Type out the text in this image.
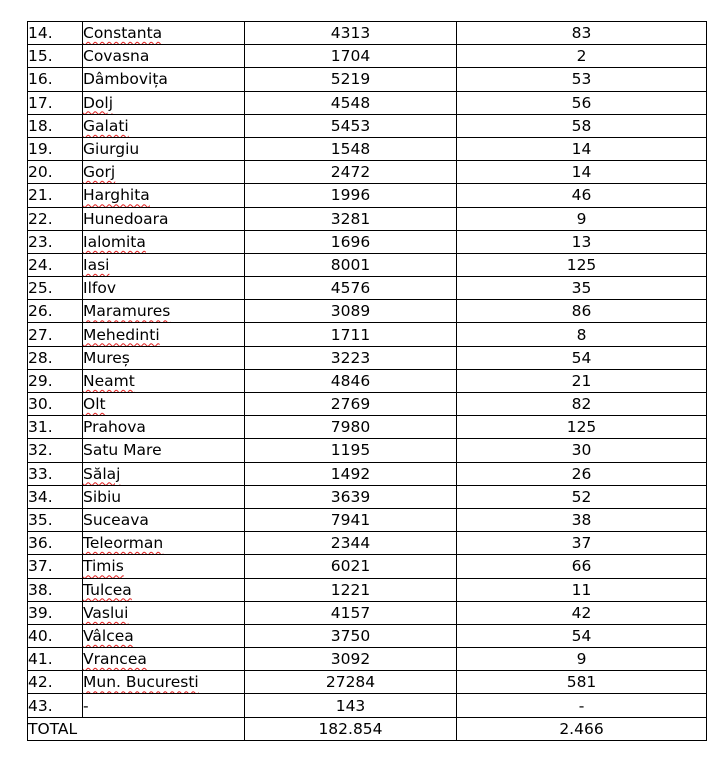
14.	Constanta	4313	83
15.	Covasna	1704	2
16.	Dâmbovița	5219	53
17.	Dolj	4548	56
18.	Galati	5453	58
19.	Giurgiu	1548	14
20.	Gorj	2472	14
21.	Harghita	1996	46
22.	Hunedoara	3281	9
23.	Ialomita	1696	13
24.	Iasi	8001	125
25.	Ilfov	4576	35
26.	Maramures	3089	86
27.	Mehedinti	1711	8
28.	Mureș	3223	54
29.	Neamt	4846	21
30.	Olt	2769	82
31.	Prahova	7980	125
32.	Satu Mare	1195	30
33.	Sălaj	1492	26
34.	Sibiu	3639	52
35.	Suceava	7941	38
36.	Teleorman	2344	37
37.	Timis	6021	66
38.	Tulcea	1221	11
39.	Vaslui	4157	42
40.	Vâlcea	3750	54
41.	Vrancea	3092	9
42.	Mun. Bucuresti	27284	581
43.	-	143	-
TOTAL		182.854	2.466
